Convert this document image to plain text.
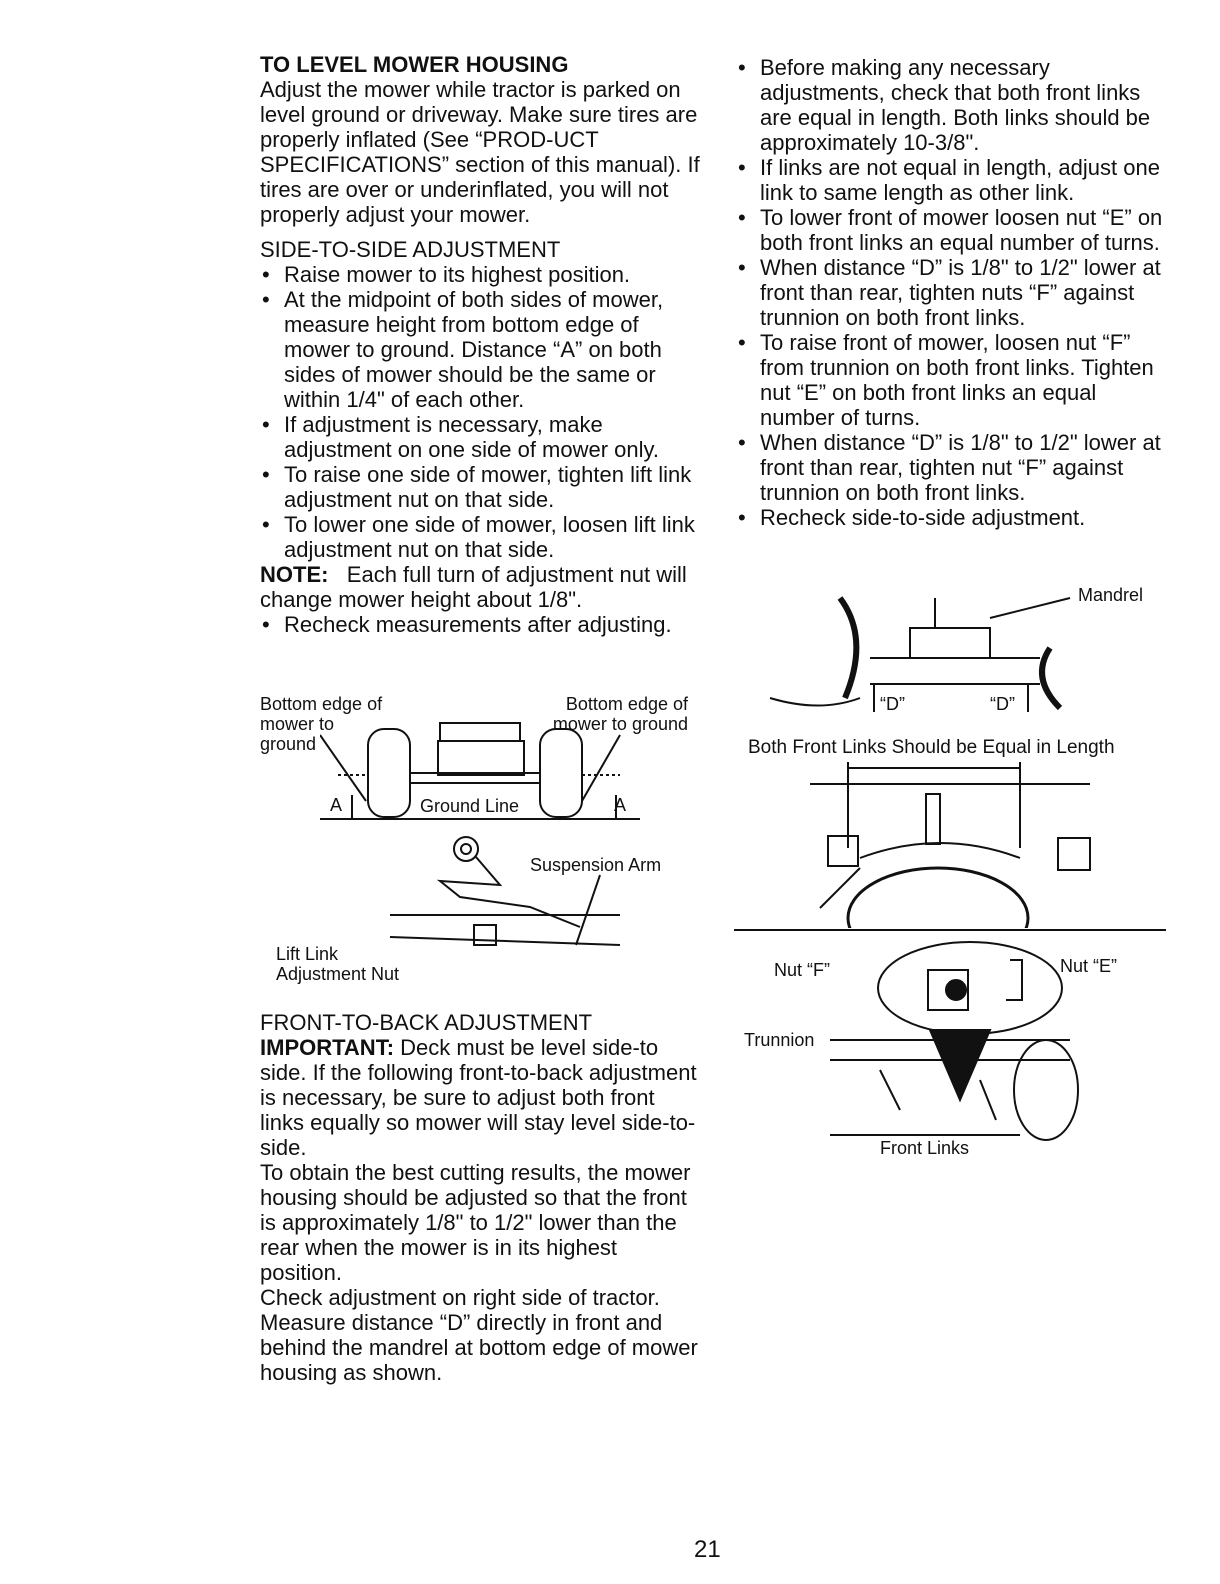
TO LEVEL MOWER HOUSING

Adjust the mower while tractor is parked on level ground or driveway. Make sure tires are properly inflated (See “PROD-UCT SPECIFICATIONS” section of this manual). If tires are over or underinflated, you will not properly adjust your mower.

SIDE-TO-SIDE ADJUSTMENT

• Raise mower to its highest position.
• At the midpoint of both sides of mower, measure height from bottom edge of mower to ground. Distance “A” on both sides of mower should be the same or within 1/4" of each other.
• If adjustment is necessary, make adjustment on one side of mower only.
• To raise one side of mower, tighten lift link adjustment nut on that side.
• To lower one side of mower, loosen lift link adjustment nut on that side.

NOTE: Each full turn of adjustment nut will change mower height about 1/8".

• Recheck measurements after adjusting.
Bottom edge of mower to ground
Bottom edge of mower to ground
A	A
Ground Line
Suspension Arm
Lift Link Adjustment Nut

FRONT-TO-BACK ADJUSTMENT

IMPORTANT: Deck must be level side-to side. If the following front-to-back adjustment is necessary, be sure to adjust both front links equally so mower will stay level side-to-side.

To obtain the best cutting results, the mower housing should be adjusted so that the front is approximately 1/8" to 1/2" lower than the rear when the mower is in its highest position.

Check adjustment on right side of tractor. Measure distance “D” directly in front and behind the mandrel at bottom edge of mower housing as shown.

• Before making any necessary adjustments, check that both front links are equal in length. Both links should be approximately 10-3/8".
• If links are not equal in length, adjust one link to same length as other link.
• To lower front of mower loosen nut “E” on both front links an equal number of turns.
• When distance “D” is 1/8" to 1/2" lower at front than rear, tighten nuts “F” against trunnion on both front links.
• To raise front of mower, loosen nut “F” from trunnion on both front links. Tighten nut “E” on both front links an equal number of turns.
• When distance “D” is 1/8" to 1/2" lower at front than rear, tighten nut “F” against trunnion on both front links.
• Recheck side-to-side adjustment.
Mandrel
“D”	“D”
Both Front Links Should be Equal in Length
Nut “F”	Nut “E”
Trunnion
Front Links
21
